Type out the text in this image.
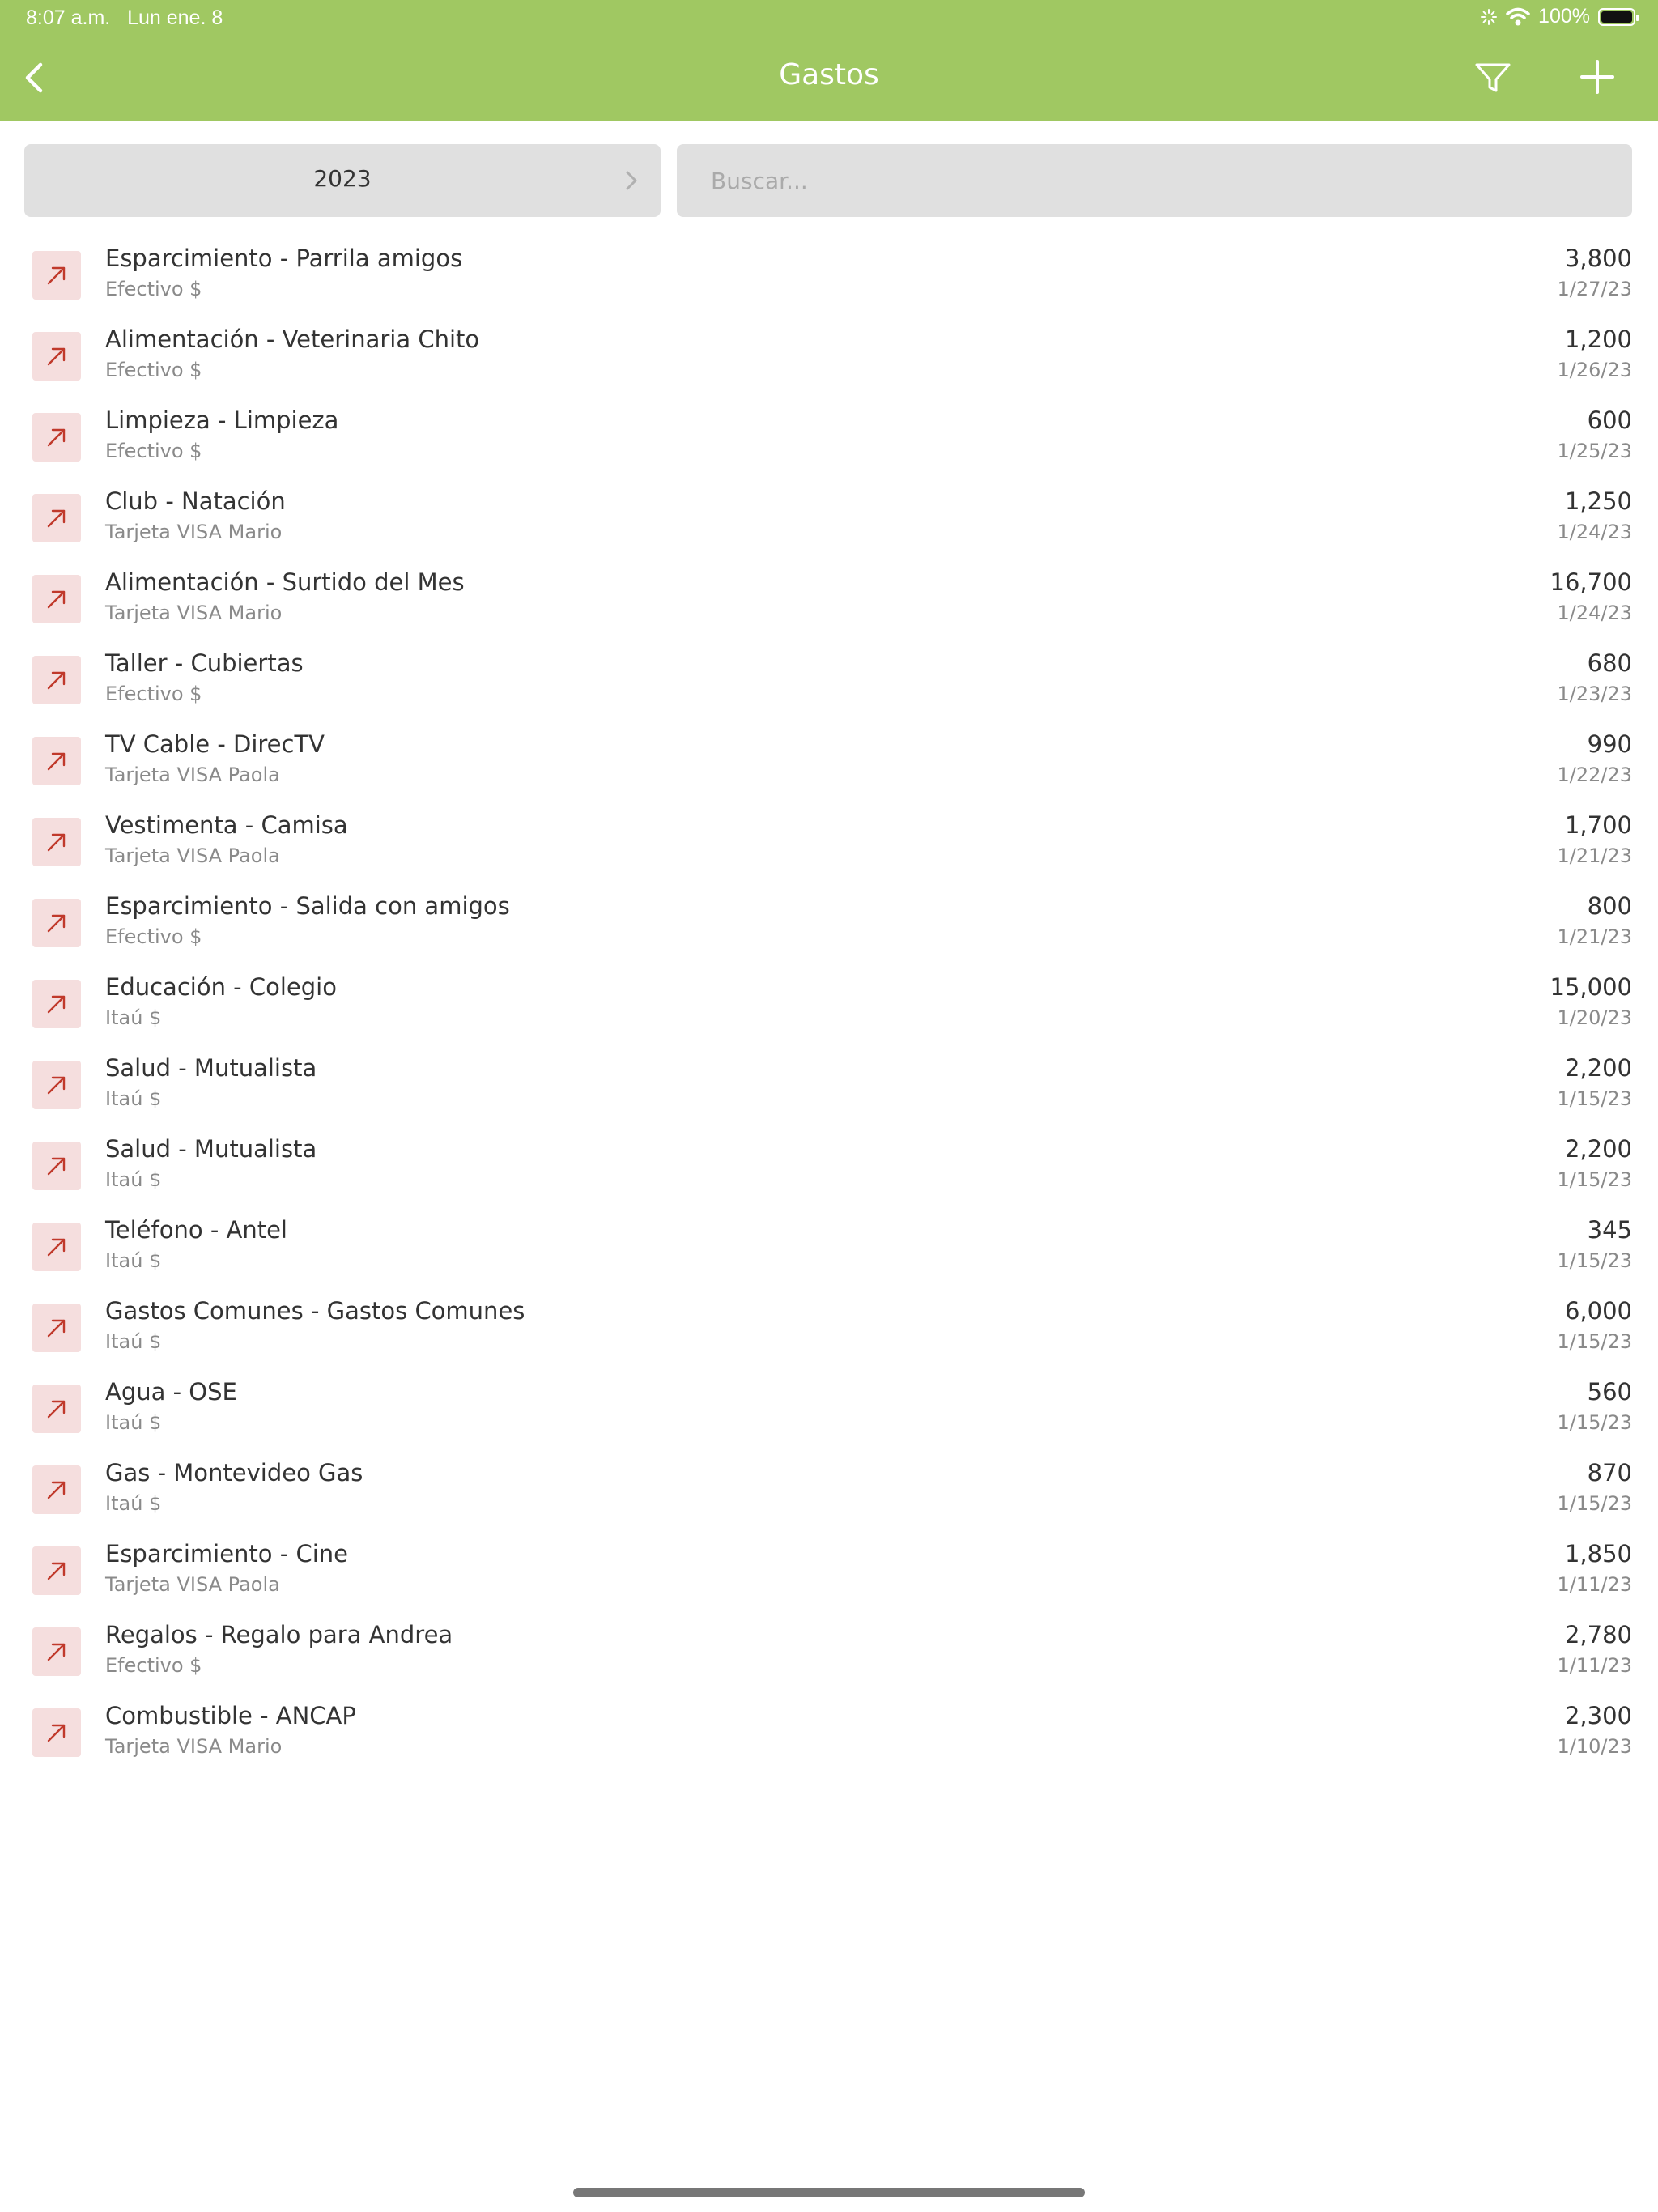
8:07 a.m. Lun ene. 8	100%
Gastos
2023
Buscar...
Esparcimiento - Parrila amigos
Efectivo $
3,800
1/27/23
Alimentación - Veterinaria Chito
Efectivo $
1,200
1/26/23
Limpieza - Limpieza
Efectivo $
600
1/25/23
Club - Natación
Tarjeta VISA Mario
1,250
1/24/23
Alimentación - Surtido del Mes
Tarjeta VISA Mario
16,700
1/24/23
Taller - Cubiertas
Efectivo $
680
1/23/23
TV Cable - DirecTV
Tarjeta VISA Paola
990
1/22/23
Vestimenta - Camisa
Tarjeta VISA Paola
1,700
1/21/23
Esparcimiento - Salida con amigos
Efectivo $
800
1/21/23
Educación - Colegio
Itaú $
15,000
1/20/23
Salud - Mutualista
Itaú $
2,200
1/15/23
Salud - Mutualista
Itaú $
2,200
1/15/23
Teléfono - Antel
Itaú $
345
1/15/23
Gastos Comunes - Gastos Comunes
Itaú $
6,000
1/15/23
Agua - OSE
Itaú $
560
1/15/23
Gas - Montevideo Gas
Itaú $
870
1/15/23
Esparcimiento - Cine
Tarjeta VISA Paola
1,850
1/11/23
Regalos - Regalo para Andrea
Efectivo $
2,780
1/11/23
Combustible - ANCAP
Tarjeta VISA Mario
2,300
1/10/23
